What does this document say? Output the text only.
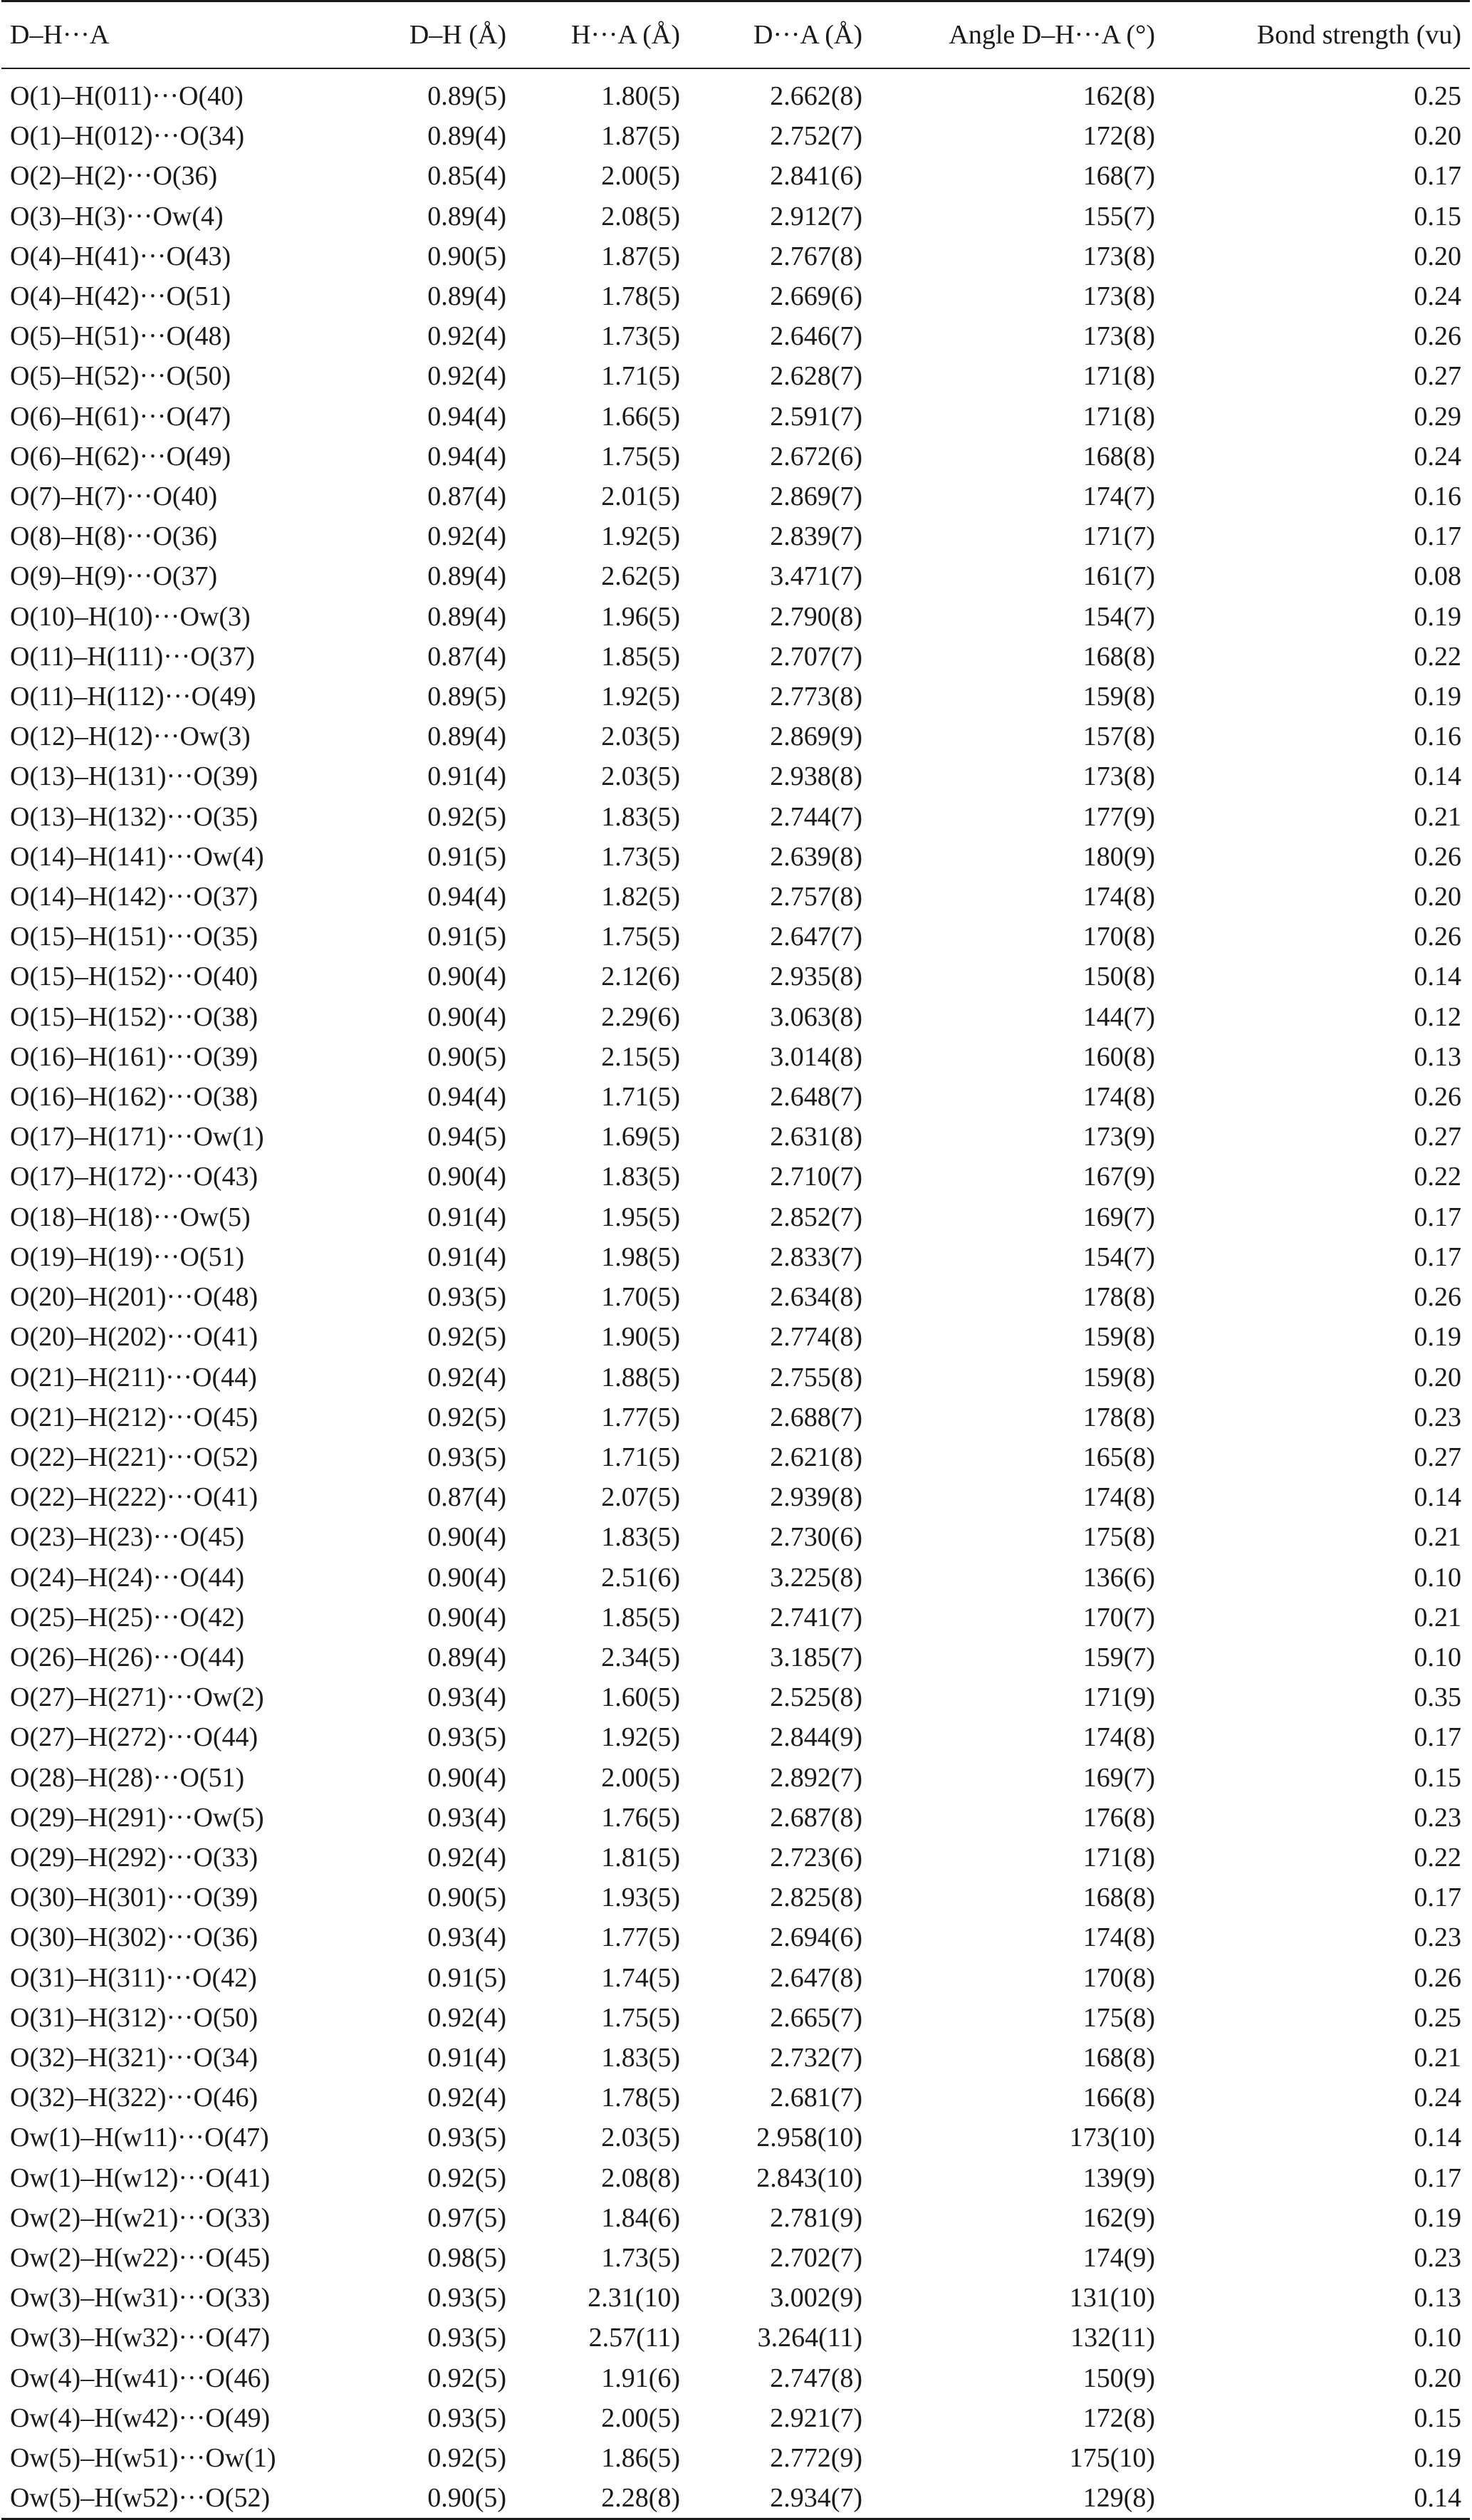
D–H···A	D–H (Å)	H···A (Å)	D···A (Å)	Angle D–H···A (°)	Bond strength (vu)

O(1)–H(011)···O(40)	0.89(5)	1.80(5)	2.662(8)	162(8)	0.25
O(1)–H(012)···O(34)	0.89(4)	1.87(5)	2.752(7)	172(8)	0.20
O(2)–H(2)···O(36)	0.85(4)	2.00(5)	2.841(6)	168(7)	0.17
O(3)–H(3)···Ow(4)	0.89(4)	2.08(5)	2.912(7)	155(7)	0.15
O(4)–H(41)···O(43)	0.90(5)	1.87(5)	2.767(8)	173(8)	0.20
O(4)–H(42)···O(51)	0.89(4)	1.78(5)	2.669(6)	173(8)	0.24
O(5)–H(51)···O(48)	0.92(4)	1.73(5)	2.646(7)	173(8)	0.26
O(5)–H(52)···O(50)	0.92(4)	1.71(5)	2.628(7)	171(8)	0.27
O(6)–H(61)···O(47)	0.94(4)	1.66(5)	2.591(7)	171(8)	0.29
O(6)–H(62)···O(49)	0.94(4)	1.75(5)	2.672(6)	168(8)	0.24
O(7)–H(7)···O(40)	0.87(4)	2.01(5)	2.869(7)	174(7)	0.16
O(8)–H(8)···O(36)	0.92(4)	1.92(5)	2.839(7)	171(7)	0.17
O(9)–H(9)···O(37)	0.89(4)	2.62(5)	3.471(7)	161(7)	0.08
O(10)–H(10)···Ow(3)	0.89(4)	1.96(5)	2.790(8)	154(7)	0.19
O(11)–H(111)···O(37)	0.87(4)	1.85(5)	2.707(7)	168(8)	0.22
O(11)–H(112)···O(49)	0.89(5)	1.92(5)	2.773(8)	159(8)	0.19
O(12)–H(12)···Ow(3)	0.89(4)	2.03(5)	2.869(9)	157(8)	0.16
O(13)–H(131)···O(39)	0.91(4)	2.03(5)	2.938(8)	173(8)	0.14
O(13)–H(132)···O(35)	0.92(5)	1.83(5)	2.744(7)	177(9)	0.21
O(14)–H(141)···Ow(4)	0.91(5)	1.73(5)	2.639(8)	180(9)	0.26
O(14)–H(142)···O(37)	0.94(4)	1.82(5)	2.757(8)	174(8)	0.20
O(15)–H(151)···O(35)	0.91(5)	1.75(5)	2.647(7)	170(8)	0.26
O(15)–H(152)···O(40)	0.90(4)	2.12(6)	2.935(8)	150(8)	0.14
O(15)–H(152)···O(38)	0.90(4)	2.29(6)	3.063(8)	144(7)	0.12
O(16)–H(161)···O(39)	0.90(5)	2.15(5)	3.014(8)	160(8)	0.13
O(16)–H(162)···O(38)	0.94(4)	1.71(5)	2.648(7)	174(8)	0.26
O(17)–H(171)···Ow(1)	0.94(5)	1.69(5)	2.631(8)	173(9)	0.27
O(17)–H(172)···O(43)	0.90(4)	1.83(5)	2.710(7)	167(9)	0.22
O(18)–H(18)···Ow(5)	0.91(4)	1.95(5)	2.852(7)	169(7)	0.17
O(19)–H(19)···O(51)	0.91(4)	1.98(5)	2.833(7)	154(7)	0.17
O(20)–H(201)···O(48)	0.93(5)	1.70(5)	2.634(8)	178(8)	0.26
O(20)–H(202)···O(41)	0.92(5)	1.90(5)	2.774(8)	159(8)	0.19
O(21)–H(211)···O(44)	0.92(4)	1.88(5)	2.755(8)	159(8)	0.20
O(21)–H(212)···O(45)	0.92(5)	1.77(5)	2.688(7)	178(8)	0.23
O(22)–H(221)···O(52)	0.93(5)	1.71(5)	2.621(8)	165(8)	0.27
O(22)–H(222)···O(41)	0.87(4)	2.07(5)	2.939(8)	174(8)	0.14
O(23)–H(23)···O(45)	0.90(4)	1.83(5)	2.730(6)	175(8)	0.21
O(24)–H(24)···O(44)	0.90(4)	2.51(6)	3.225(8)	136(6)	0.10
O(25)–H(25)···O(42)	0.90(4)	1.85(5)	2.741(7)	170(7)	0.21
O(26)–H(26)···O(44)	0.89(4)	2.34(5)	3.185(7)	159(7)	0.10
O(27)–H(271)···Ow(2)	0.93(4)	1.60(5)	2.525(8)	171(9)	0.35
O(27)–H(272)···O(44)	0.93(5)	1.92(5)	2.844(9)	174(8)	0.17
O(28)–H(28)···O(51)	0.90(4)	2.00(5)	2.892(7)	169(7)	0.15
O(29)–H(291)···Ow(5)	0.93(4)	1.76(5)	2.687(8)	176(8)	0.23
O(29)–H(292)···O(33)	0.92(4)	1.81(5)	2.723(6)	171(8)	0.22
O(30)–H(301)···O(39)	0.90(5)	1.93(5)	2.825(8)	168(8)	0.17
O(30)–H(302)···O(36)	0.93(4)	1.77(5)	2.694(6)	174(8)	0.23
O(31)–H(311)···O(42)	0.91(5)	1.74(5)	2.647(8)	170(8)	0.26
O(31)–H(312)···O(50)	0.92(4)	1.75(5)	2.665(7)	175(8)	0.25
O(32)–H(321)···O(34)	0.91(4)	1.83(5)	2.732(7)	168(8)	0.21
O(32)–H(322)···O(46)	0.92(4)	1.78(5)	2.681(7)	166(8)	0.24
Ow(1)–H(w11)···O(47)	0.93(5)	2.03(5)	2.958(10)	173(10)	0.14
Ow(1)–H(w12)···O(41)	0.92(5)	2.08(8)	2.843(10)	139(9)	0.17
Ow(2)–H(w21)···O(33)	0.97(5)	1.84(6)	2.781(9)	162(9)	0.19
Ow(2)–H(w22)···O(45)	0.98(5)	1.73(5)	2.702(7)	174(9)	0.23
Ow(3)–H(w31)···O(33)	0.93(5)	2.31(10)	3.002(9)	131(10)	0.13
Ow(3)–H(w32)···O(47)	0.93(5)	2.57(11)	3.264(11)	132(11)	0.10
Ow(4)–H(w41)···O(46)	0.92(5)	1.91(6)	2.747(8)	150(9)	0.20
Ow(4)–H(w42)···O(49)	0.93(5)	2.00(5)	2.921(7)	172(8)	0.15
Ow(5)–H(w51)···Ow(1)	0.92(5)	1.86(5)	2.772(9)	175(10)	0.19
Ow(5)–H(w52)···O(52)	0.90(5)	2.28(8)	2.934(7)	129(8)	0.14
